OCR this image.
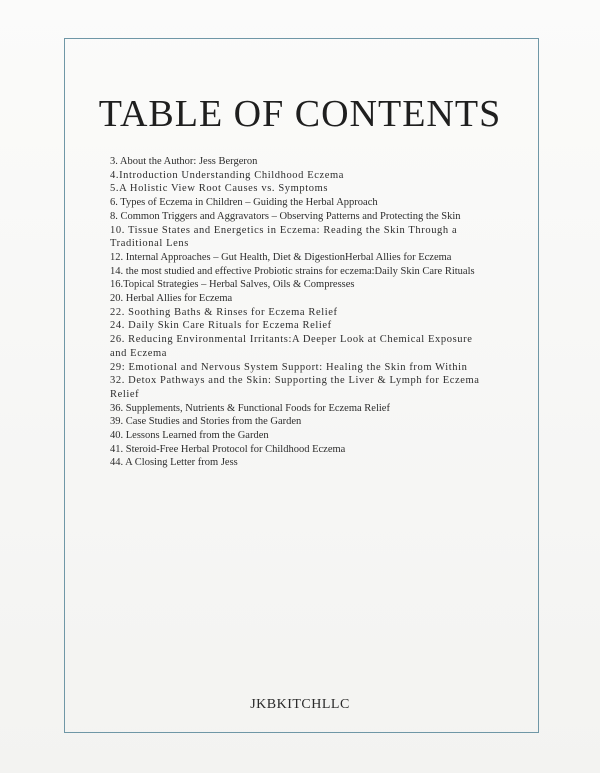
TABLE OF CONTENTS
3. About the Author: Jess Bergeron
4.Introduction Understanding Childhood Eczema
5.A Holistic View Root Causes vs. Symptoms
6. Types of Eczema in Children – Guiding the Herbal Approach
8. Common Triggers and Aggravators – Observing Patterns and Protecting the Skin
10. Tissue States and Energetics in Eczema: Reading the Skin Through a Traditional Lens
12. Internal Approaches – Gut Health, Diet & DigestionHerbal Allies for Eczema
14. the most studied and effective Probiotic strains for eczema:Daily Skin Care Rituals
16.Topical Strategies – Herbal Salves, Oils & Compresses
20. Herbal Allies for Eczema
22. Soothing Baths & Rinses for Eczema Relief
24. Daily Skin Care Rituals for Eczema Relief
26. Reducing Environmental Irritants:A Deeper Look at Chemical Exposure and Eczema
29: Emotional and Nervous System Support: Healing the Skin from Within
32. Detox Pathways and the Skin: Supporting the Liver & Lymph for Eczema Relief
36. Supplements, Nutrients & Functional Foods for Eczema Relief
39. Case Studies and Stories from the Garden
40. Lessons Learned from the Garden
41. Steroid-Free Herbal Protocol for Childhood Eczema
44. A Closing Letter from Jess
JKBKITCHLLC
